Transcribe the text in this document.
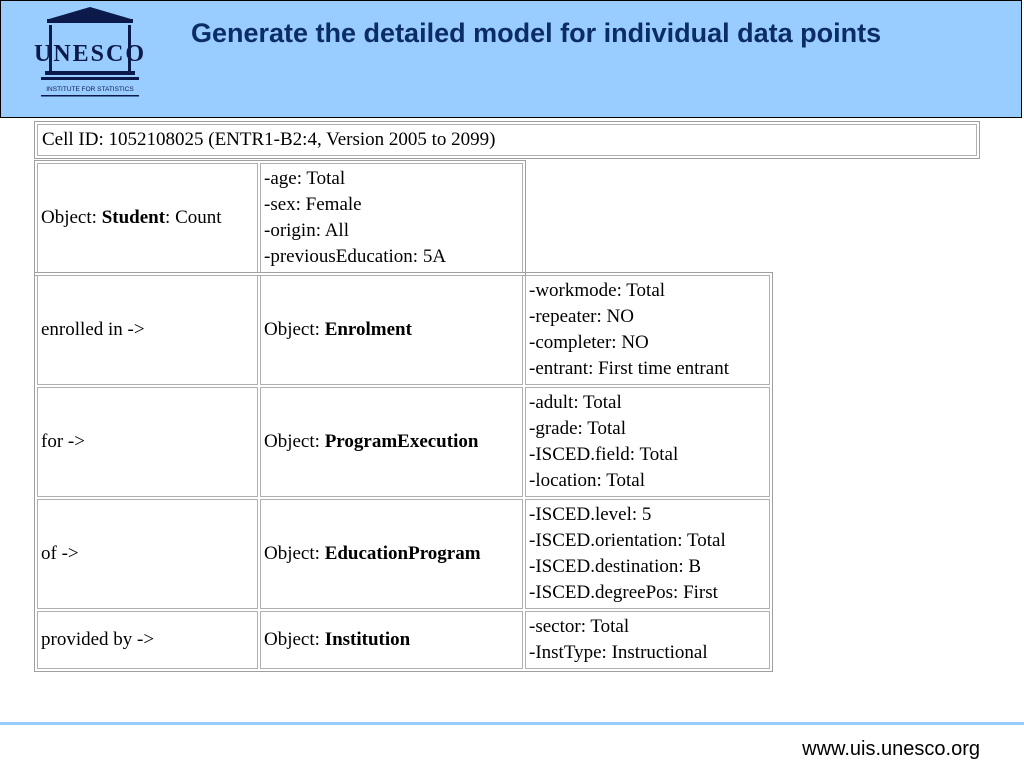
UNESCO
INSTITUTE FOR STATISTICS
Generate the detailed model for individual data points
Cell ID: 1052108025 (ENTR1-B2:4, Version 2005 to 2099)
Object: Student: Count	
-age: Total
-sex: Female
-origin: All
-previousEducation: 5A
enrolled in ->	Object: Enrolment	-workmode: Total
-repeater: NO
-completer: NO
-entrant: First time entrant

for ->	Object: ProgramExecution	-adult: Total
-grade: Total
-ISCED.field: Total
-location: Total

of ->	Object: EducationProgram	-ISCED.level: 5
-ISCED.orientation: Total
-ISCED.destination: B
-ISCED.degreePos: First

provided by ->	Object: Institution	-sector: Total
-InstType: Instructional
www.uis.unesco.org
